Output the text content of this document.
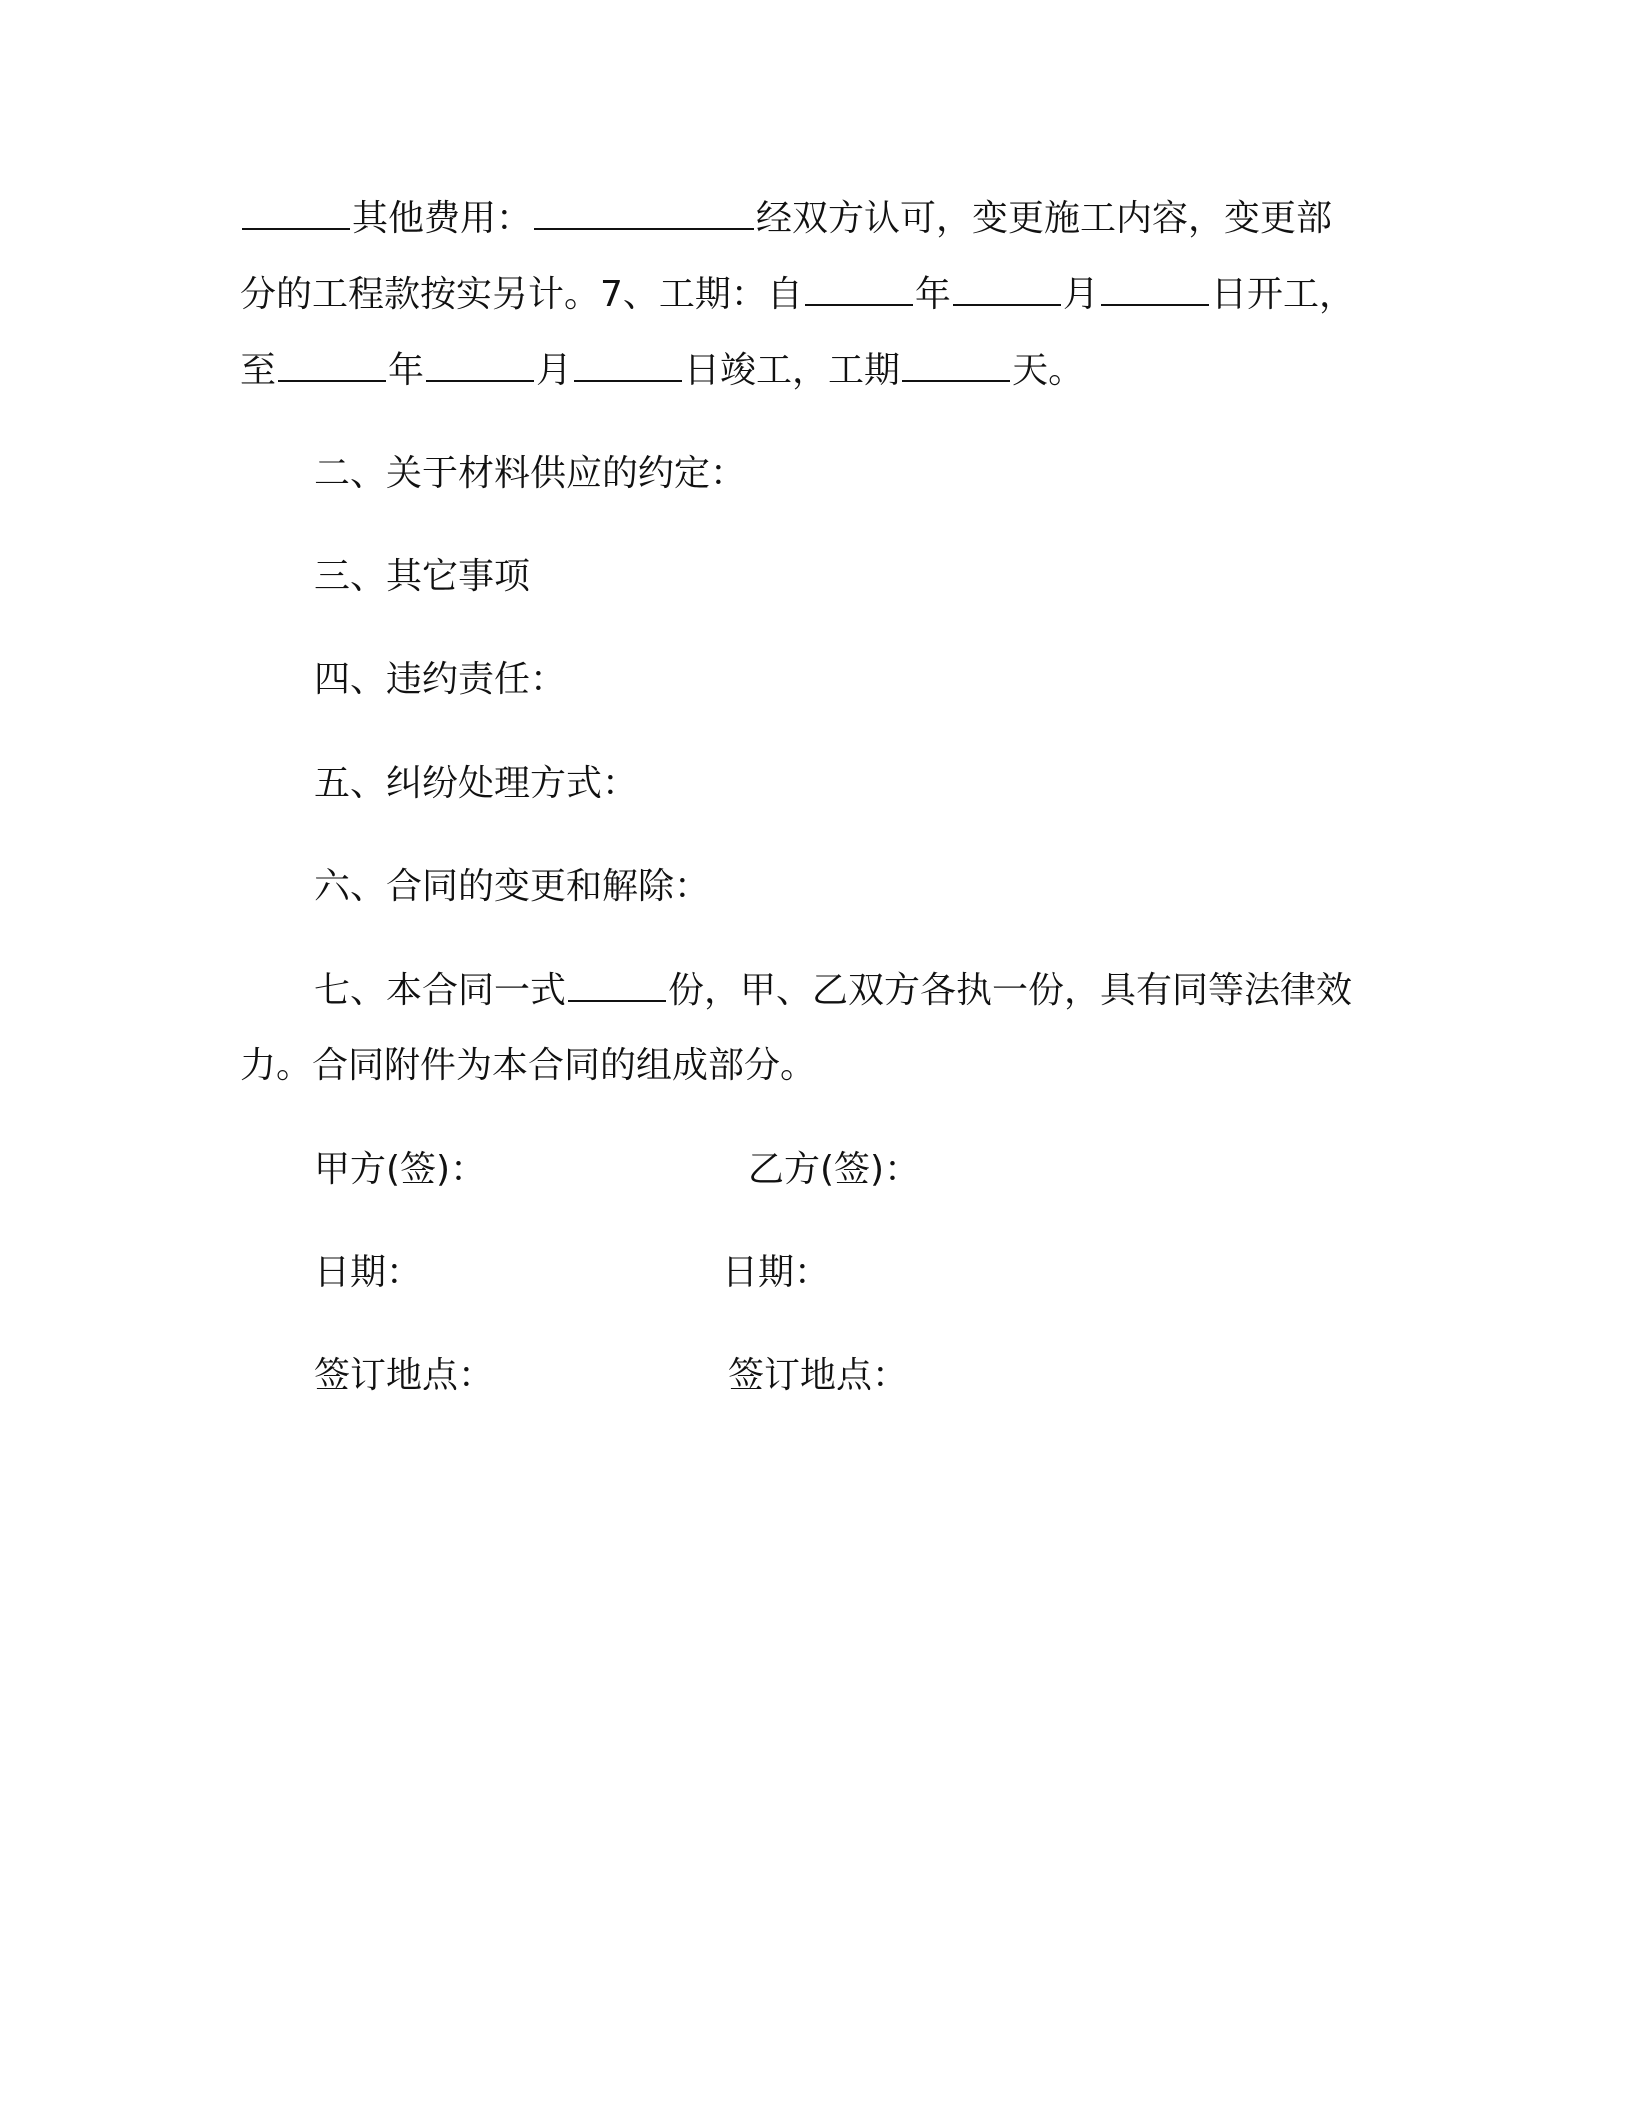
其他费用：	经双方认可，变更施工内容，变更部

分的工程款按实另计。7、工期：自	年	月	日开工，

至	年	月	日竣工，工期	天。

二、关于材料供应的约定：

三、其它事项

四、违约责任：

五、纠纷处理方式：

六、合同的变更和解除：

七、本合同一式	份，甲、乙双方各执一份，具有同等法律效

力。合同附件为本合同的组成部分。

甲方(签)：	乙方(签)：

日期：	日期：

签订地点：	签订地点：
